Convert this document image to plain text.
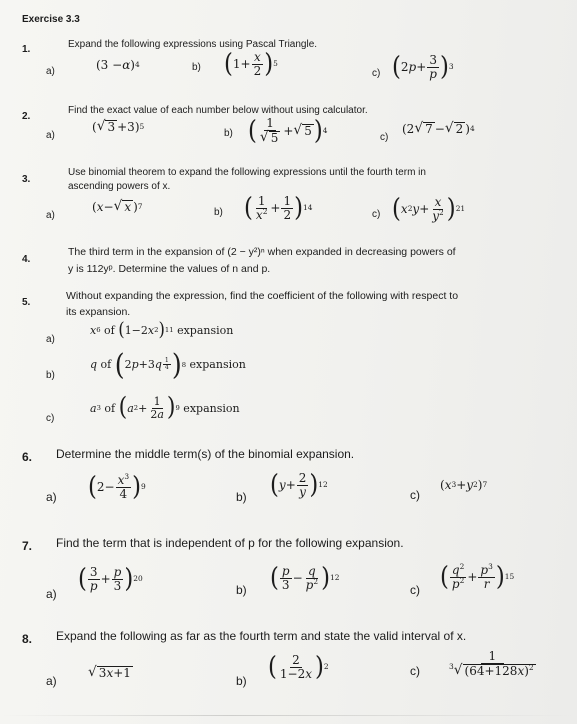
Exercise 3.3
1.	Expand the following expressions using Pascal Triangle.
a)	(3 − α ) 4	b) ( $1+ \frac{x}{2}$ ) 5
c) ( 2 $p + \frac{3}{p}$ ) 3
2.
Find the exact value of each number below without using calculator.
a)
( √ 3 +3) 5
b) ( $\frac{1}{√ 5}$ + √ 5 ) 4
c)
(2 √ 7 − √ 2 ) 4
3.
Use binomial theorem to expand the following expressions until the fourth term in
ascending powers of x.
a)
( x − √ x ) 7
b) ( $\frac{1}{x^2} + \frac{1}{2}$ ) 14
c) ( x 2 $y + \frac{x}{y^2}$ ) 21
4.
The third term in the expansion of (2 − y²)ⁿ when expanded in decreasing powers of
y is 112yᵖ. Determine the values of n and p.
5.
Without expanding the expression, find the coefficient of the following with respect to
its expansion.
a)
x 6 of ( 1−2 x 2 ) 11 expansion
b)
q of ( 2 p +3 q $\frac{1}{4}$ ) 8 expansion
c)
a 3 of ( a $2 + \frac{1}{2a}$ ) 9 expansion
6. Determine the middle term(s) of the binomial expansion.
a) ( $2- \frac{x^3}{4}$ ) 9
b) ( $y + \frac{2}{y}$ ) 12
c)
( x 3 + y 2 ) 7
7. Find the term that is independent of p for the following expansion.
a)
( $\frac{3}{p} + \frac{p}{3}$ ) 20
b) ( $\frac{p}{3} - \frac{q}{p^2}$ ) 12
c) ( $\frac{q^2}{p^2} + \frac{p^3}{r}$ ) 15
8. Expand the following as far as the fourth term and state the valid interval of x.
a)
√ 3x+1
b) ( $\frac{2}{1-2x}$ ) 2	$c) \frac{1}{^3 √ (64+128x)^2}$
